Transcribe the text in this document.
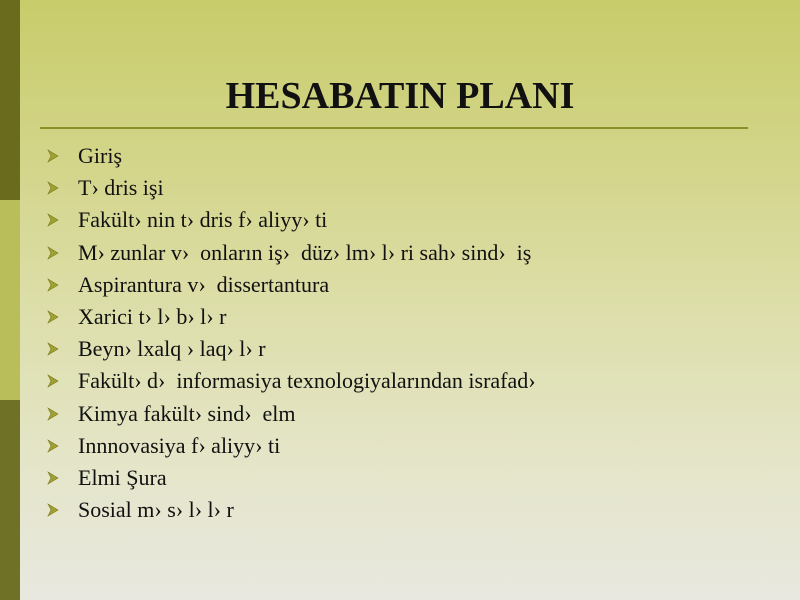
HESABATIN PLANI
Giriş
T› dris işi
Fakült› nin t› dris f› aliyy› ti
M› zunlar v›  onların iş›  düz› lm› l› ri sah› sind›  iş
Aspirantura v›  dissertantura
Xarici t› l› b› l› r
Beyn› lxalq › laq› l› r
Fakült› d›  informasiya texnologiyalarından israfad›
Kimya fakült› sind›  elm
Innnovasiya f› aliyy› ti
Elmi Şura
Sosial m› s› l› l› r
